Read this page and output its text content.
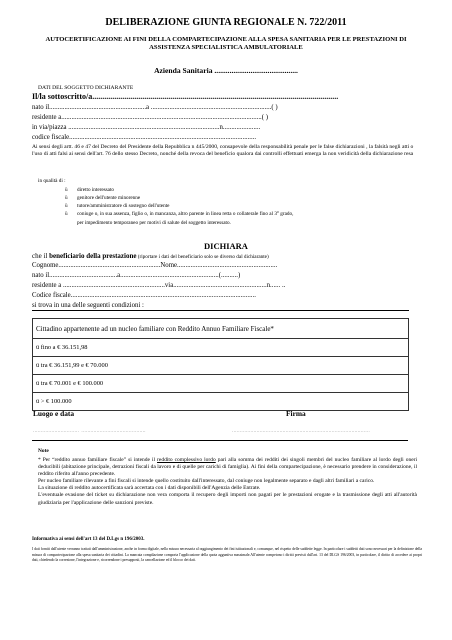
DELIBERAZIONE GIUNTA REGIONALE N. 722/2011
AUTOCERTIFICAZIONE AI FINI DELLA COMPARTECIPAZIONE ALLA SPESA SANITARIA PER LE PRESTAZIONI DI ASSISTENZA SPECIALISTICA AMBULATORIALE
Azienda Sanitaria ............................................
DATI DEL SOGGETTO DICHIARANTE
Il/la sottoscritto/a...........................................................................................................................
nato il.........................................................a .......................................................................( )
residente a......................................................................................................................( )
in via/piazza .........................................................................................n......................
codice fiscale..............................................................................................................
Ai sensi degli artt. 46 e 47 del Decreto del Presidente della Repubblica n 445/2000, consapevole della responsabilità penale per le false dichiarazioni , la falsità negli atti o l'uso di atti falsi ai sensi dell'art. 76 dello stesso Decreto, nonché della revoca del beneficio qualora dai controlli effettuati emerga la non veridicità della dichiarazione resa
in qualità di :
ü diretto interessato
ü genitore dell'utente minorenne
ü tutore/amministratore di sostegno dell'utente
ü coniuge o, in sua assenza, figlio o, in mancanza, altro parente in linea retta o collaterale fino al 3° grado,
per impedimento temporaneo per motivi di salute del soggetto interessato.
DICHIARA
che il beneficiario della prestazione (riportare i dati del beneficiario solo se diverso dal dichiarante)
Cognome............................................................Nome...........................................................
nato il........................................a..........................................................(..........)
residente a ............................................................via.......................................................n...... ..
Codice fiscale.............................................................................................................
si trova in una delle seguenti condizioni :
Cittadino appartenente ad un nucleo familiare con Reddito Annuo Familiare Fiscale*
ü fino a € 36.151,98
ü tra € 36.151,99 e € 70.000
ü tra € 70.001 e € 100.000
ü > € 100.000
Luogo e data	Firma
…………………………  ……………………………………	………………………………………………………………………………
Note
* Per “reddito annuo familiare fiscale” si intende il reddito complessivo lordo pari alla somma dei redditi dei singoli membri del nucleo familiare al lordo degli oneri deducibili (abitazione principale, detrazioni fiscali da lavoro e di quelle per carichi di famiglia). Ai fini della compartecipazione, è necessario prendere in considerazione, il reddito riferito all'anno precedente.
Per nucleo familiare rilevante a fini fiscali si intende quello costituito dall'interessato, dal coniuge non legalmente separato e dagli altri familiari a carico.
La situazione di reddito autocertificata sarà accertata con i dati disponibili dell'Agenzia delle Entrate.
L'eventuale evasione del ticket su dichiarazione non vera comporta il recupero degli importi non pagati per le prestazioni erogate e la trasmissione degli atti all'autorità giudiziaria per l'applicazione delle sanzioni previste.
Informativa ai sensi dell'art 13 del D.Lgs n 196/2003.
I dati forniti dall'utente verranno trattati dall'amministrazione, anche in forma digitale, nella misura necessaria al raggiungimento dei fini istituzionali e, comunque, nel rispetto delle suddette legge. In particolare i suddetti dati sono necessari per la definizione della misura di compartecipazione alla spesa sanitaria dei cittadini. La mancata compilazione comporta l'applicazione della quota agguntiva massimale.All'utente competono i diritti previsti dall'art. 13 del DLGS 196/2003, in particolare, il diritto di accedere ai propri dati, chiedendo la correzione, l'integrazione e, ricorrendone i presupposti, la cancellazione ed il blocco dei dati.
